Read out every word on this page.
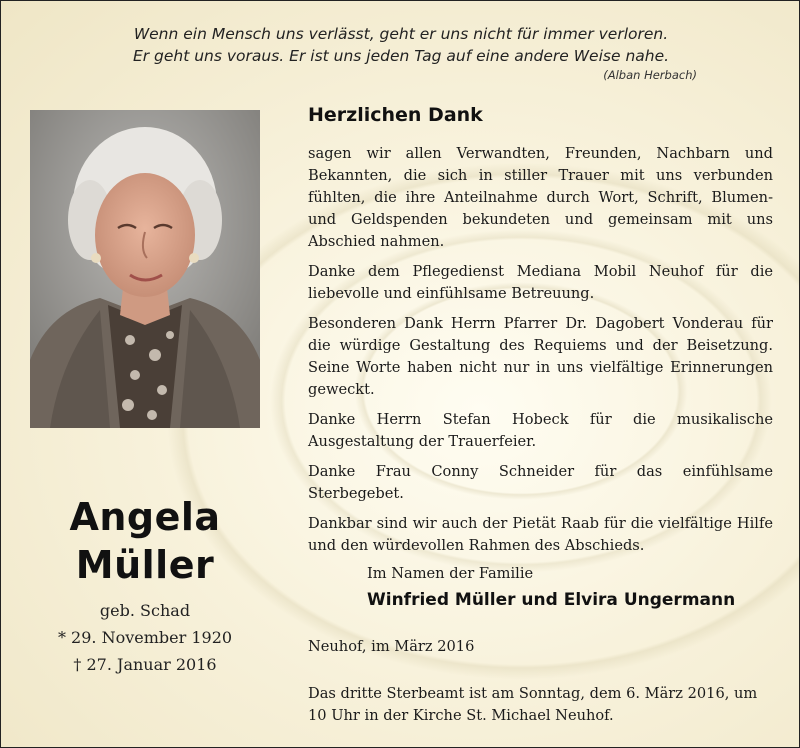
Wenn ein Mensch uns verlässt, geht er uns nicht für immer verloren.
Er geht uns voraus. Er ist uns jeden Tag auf eine andere Weise nahe.
(Alban Herbach)
Angela
Müller
geb. Schad
* 29. November 1920
† 27. Januar 2016
Herzlichen Dank

sagen wir allen Verwandten, Freunden, Nachbarn und Bekannten, die sich in stiller Trauer mit uns verbunden fühlten, die ihre Anteilnahme durch Wort, Schrift, Blumen- und Geldspenden bekundeten und gemeinsam mit uns Abschied nahmen.

Danke dem Pflegedienst Mediana Mobil Neuhof für die liebevolle und einfühlsame Betreuung.

Besonderen Dank Herrn Pfarrer Dr. Dagobert Vonderau für die würdige Gestaltung des Requiems und der Beisetzung. Seine Worte haben nicht nur in uns vielfältige Erinnerungen geweckt.

Danke Herrn Stefan Hobeck für die musikalische Ausgestaltung der Trauerfeier.

Danke Frau Conny Schneider für das einfühlsame Sterbegebet.

Dankbar sind wir auch der Pietät Raab für die vielfältige Hilfe und den würdevollen Rahmen des Abschieds.

Im Namen der Familie
Winfried Müller und Elvira Ungermann
Neuhof, im März 2016
Das dritte Sterbeamt ist am Sonntag, dem 6. März 2016, um 10 Uhr in der Kirche St. Michael Neuhof.
